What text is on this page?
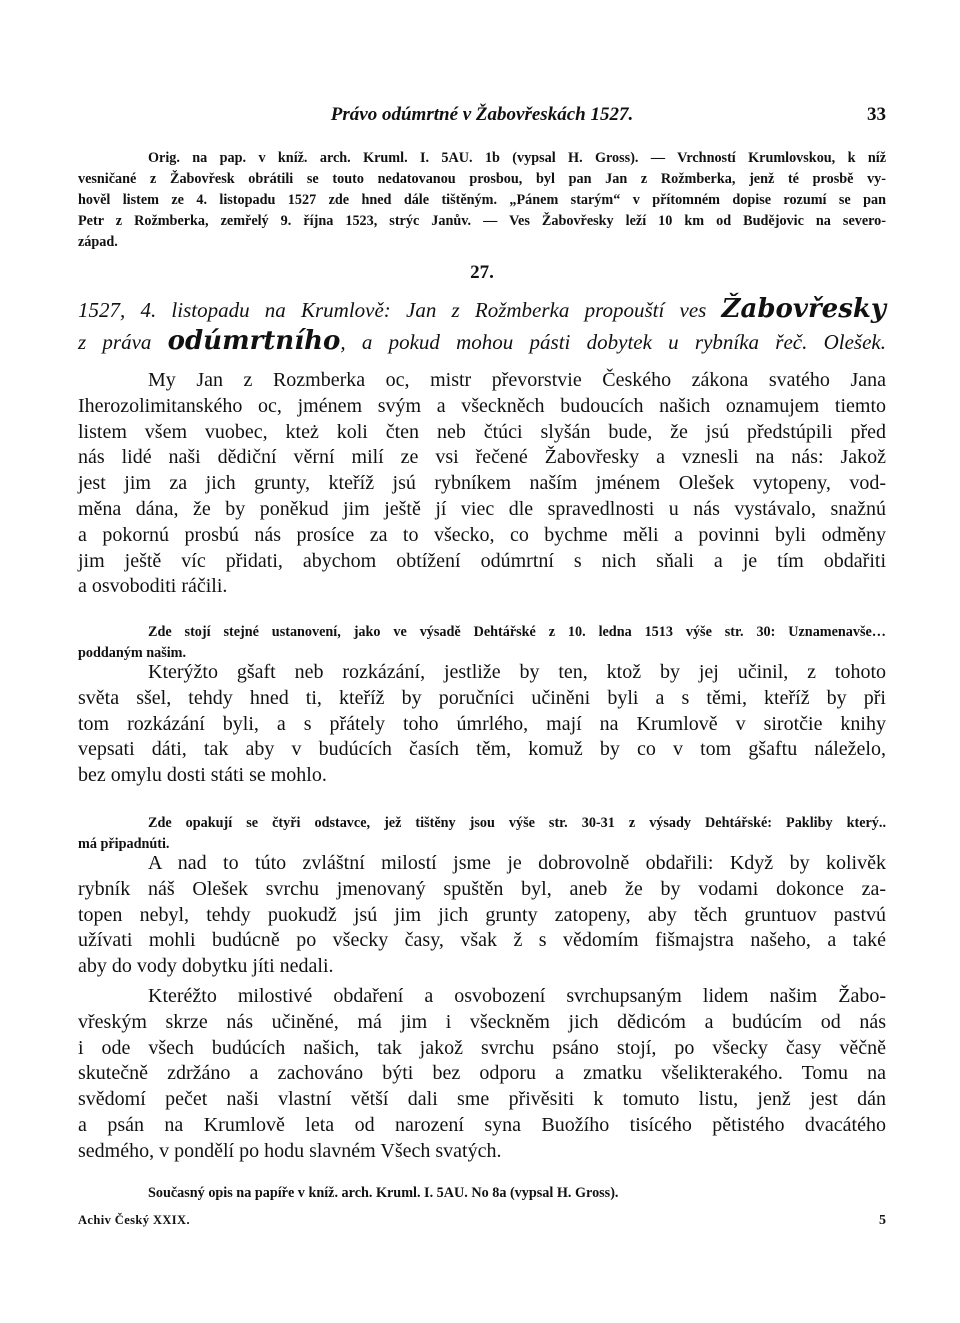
Právo odúmrtné v Žabovřeskách 1527.	33
Orig. na pap. v kníž. arch. Kruml. I. 5AU. 1b (vypsal H. Gross). — Vrchností Krumlovskou, k níž
vesničané z Žabovřesk obrátili se touto nedatovanou prosbou, byl pan Jan z Rožmberka, jenž té prosbě vy-
hověl listem ze 4. listopadu 1527 zde hned dále tištěným. „Pánem starým“ v přítomném dopise rozumí se pan
Petr z Rožmberka, zemřelý 9. října 1523, strýc Janův. — Ves Žabovřesky leží 10 km od Budějovic na severo-
západ.
27.
1527, 4. listopadu na Krumlově: Jan z Rožmberka propouští ves Žabovřesky
z práva odúmrtního, a pokud mohou pásti dobytek u rybníka řeč. Olešek.
My Jan z Rozmberka oc, mistr převorstvie Českého zákona svatého Jana
Iherozolimitanského oc, jménem svým a všeckněch budoucích našich oznamujem tiemto
listem všem vuobec, kteż koli čten neb čtúci slyšán bude, že jsú předstúpili před
nás lidé naši dědiční věrní milí ze vsi řečené Žabovřesky a vznesli na nás: Jakož
jest jim za jich grunty, kteříž jsú rybníkem naším jménem Olešek vytopeny, vod-
měna dána, že by poněkud jim ještě jí viec dle spravedlnosti u nás vystávalo, snažnú
a pokornú prosbú nás prosíce za to všecko, co bychme měli a povinni byli odměny
jim ještě víc přidati, abychom obtížení odúmrtní s nich sňali a je tím obdařiti
a osvoboditi ráčili.
Zde stojí stejné ustanovení, jako ve výsadě Dehtářské z 10. ledna 1513 výše str. 30: Uznamenavše…
poddaným našim.
Kterýžto gšaft neb rozkázání, jestliže by ten, ktož by jej učinil, z tohoto
světa sšel, tehdy hned ti, kteříž by poručníci učiněni byli a s těmi, kteříž by při
tom rozkázání byli, a s přátely toho úmrlého, mají na Krumlově v sirotčie knihy
vepsati dáti, tak aby v budúcích časích těm, komuž by co v tom gšaftu náleželo,
bez omylu dosti státi se mohlo.
Zde opakují se čtyři odstavce, jež tištěny jsou výše str. 30-31 z výsady Dehtářské: Pakliby který..
má připadnúti.
A nad to túto zvláštní milostí jsme je dobrovolně obdařili: Když by kolivěk
rybník náš Olešek svrchu jmenovaný spuštěn byl, aneb že by vodami dokonce za-
topen nebyl, tehdy puokudž jsú jim jich grunty zatopeny, aby těch gruntuov pastvú
užívati mohli budúcně po všecky časy, však ž s vědomím fišmajstra našeho, a také
aby do vody dobytku jíti nedali.
Kteréžto milostivé obdaření a osvobození svrchupsaným lidem našim Žabo-
vřeským skrze nás učiněné, má jim i všeckněm jich dědicóm a budúcím od nás
i ode všech budúcích našich, tak jakož svrchu psáno stojí, po všecky časy věčně
skutečně zdržáno a zachováno býti bez odporu a zmatku všelikterakého. Tomu na
svědomí pečet naši vlastní větší dali sme přivěsiti k tomuto listu, jenž jest dán
a psán na Krumlově leta od narození syna Buožího tisícého pětistého dvacátého
sedmého, v pondělí po hodu slavném Všech svatých.
Současný opis na papíře v kníž. arch. Kruml. I. 5AU. No 8a (vypsal H. Gross).
Achiv Český XXIX.	5
